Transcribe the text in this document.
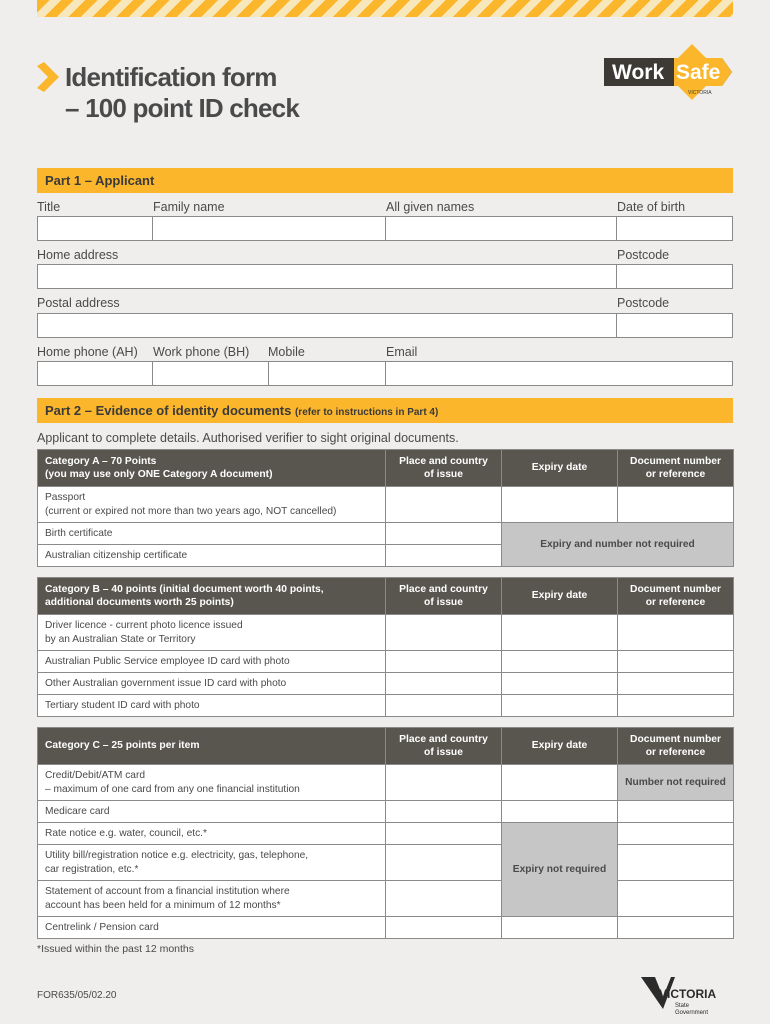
Identification form
– 100 point ID check
Work Safe
VICTORIA
Part 1 – Applicant
Title	Family name	All given names	Date of birth
Home address	Postcode
Postal address	Postcode
Home phone (AH) Work phone (BH) Mobile	Email
Part 2 – Evidence of identity documents (refer to instructions in Part 4)
Applicant to complete details. Authorised verifier to sight original documents.
Category A – 70 Points
(you may use only ONE Category A document)	Place and country of issue	Expiry date	Document number or reference

Passport
(current or expired not more than two years ago, NOT cancelled)			

Birth certificate		Expiry and number not required	
Australian citizenship certificate			
Category B – 40 points (initial document worth 40 points,
additional documents worth 25 points)	Place and country of issue	Expiry date	Document number or reference

Driver licence - current photo licence issued
by an Australian State or Territory			

Australian Public Service employee ID card with photo			
Other Australian government issue ID card with photo			
Tertiary student ID card with photo			
Category C – 25 points per item	Place and country of issue	Expiry date	Document number or reference

Credit/Debit/ATM card
– maximum of one card from any one financial institution			Number not required
Medicare card			
Rate notice e.g. water, council, etc.*		Expiry not required	

Utility bill/registration notice e.g. electricity, gas, telephone,
car registration, etc.*			

Statement of account from a financial institution where
account has been held for a minimum of 12 months*			

Centrelink / Pension card			
*Issued within the past 12 months
FOR635/05/02.20	VICTORIA
State
Government
